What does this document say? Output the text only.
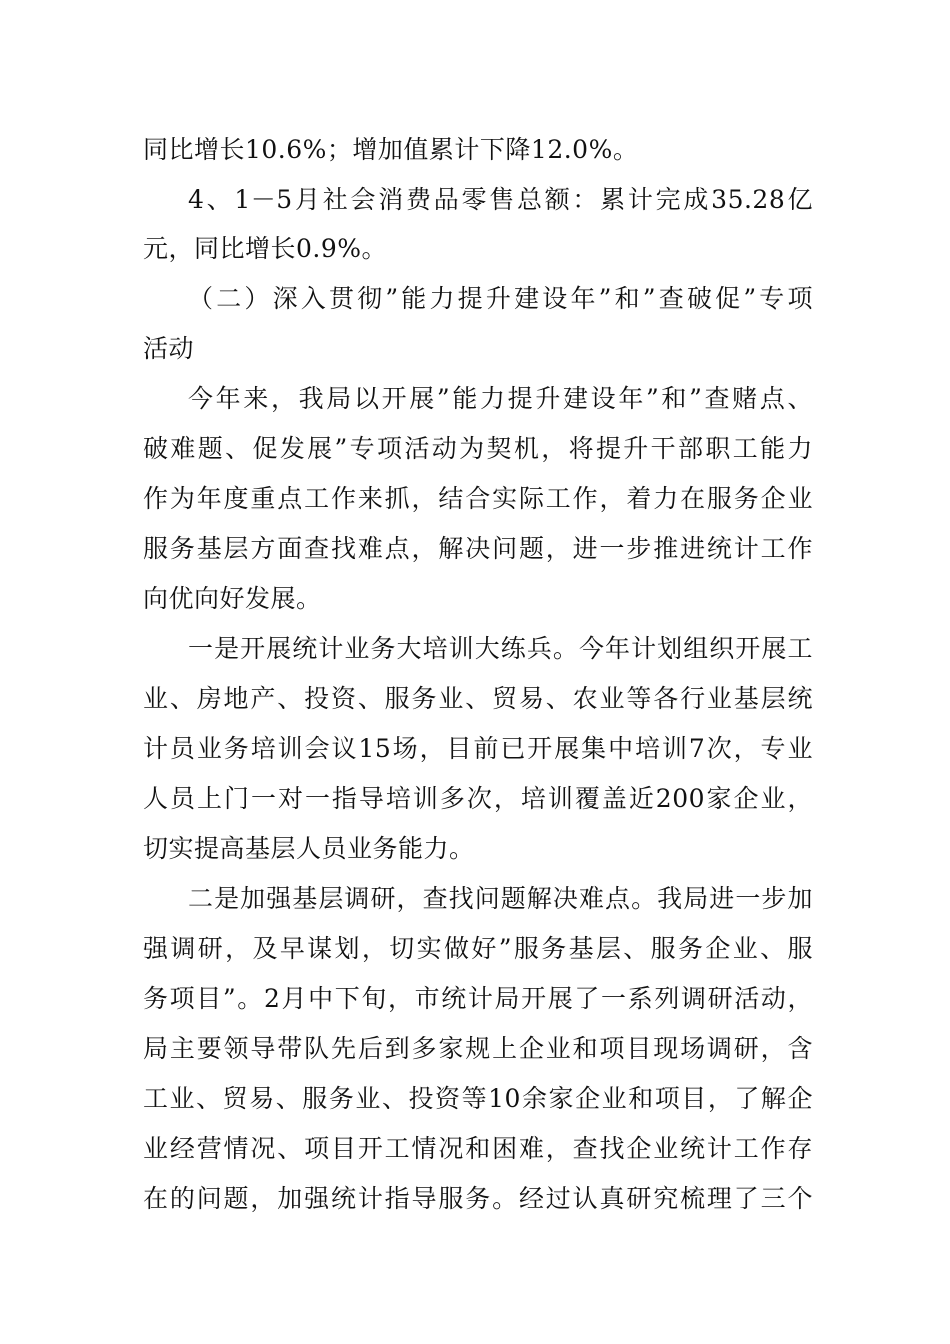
同比增长10.6%；增加值累计下降12.0%。
4、1－5月社会消费品零售总额：累计完成35.28亿
元，同比增长0.9%。
（二）深入贯彻”能力提升建设年”和”查破促”专项
活动
今年来，我局以开展”能力提升建设年”和”查赌点、
破难题、促发展”专项活动为契机，将提升干部职工能力
作为年度重点工作来抓，结合实际工作，着力在服务企业
服务基层方面查找难点，解决问题，进一步推进统计工作
向优向好发展。
一是开展统计业务大培训大练兵。今年计划组织开展工
业、房地产、投资、服务业、贸易、农业等各行业基层统
计员业务培训会议15场，目前已开展集中培训7次，专业
人员上门一对一指导培训多次，培训覆盖近200家企业，
切实提高基层人员业务能力。
二是加强基层调研，查找问题解决难点。我局进一步加
强调研，及早谋划，切实做好”服务基层、服务企业、服
务项目”。2月中下旬，市统计局开展了一系列调研活动，
局主要领导带队先后到多家规上企业和项目现场调研，含
工业、贸易、服务业、投资等10余家企业和项目，了解企
业经营情况、项目开工情况和困难，查找企业统计工作存
在的问题，加强统计指导服务。经过认真研究梳理了三个
